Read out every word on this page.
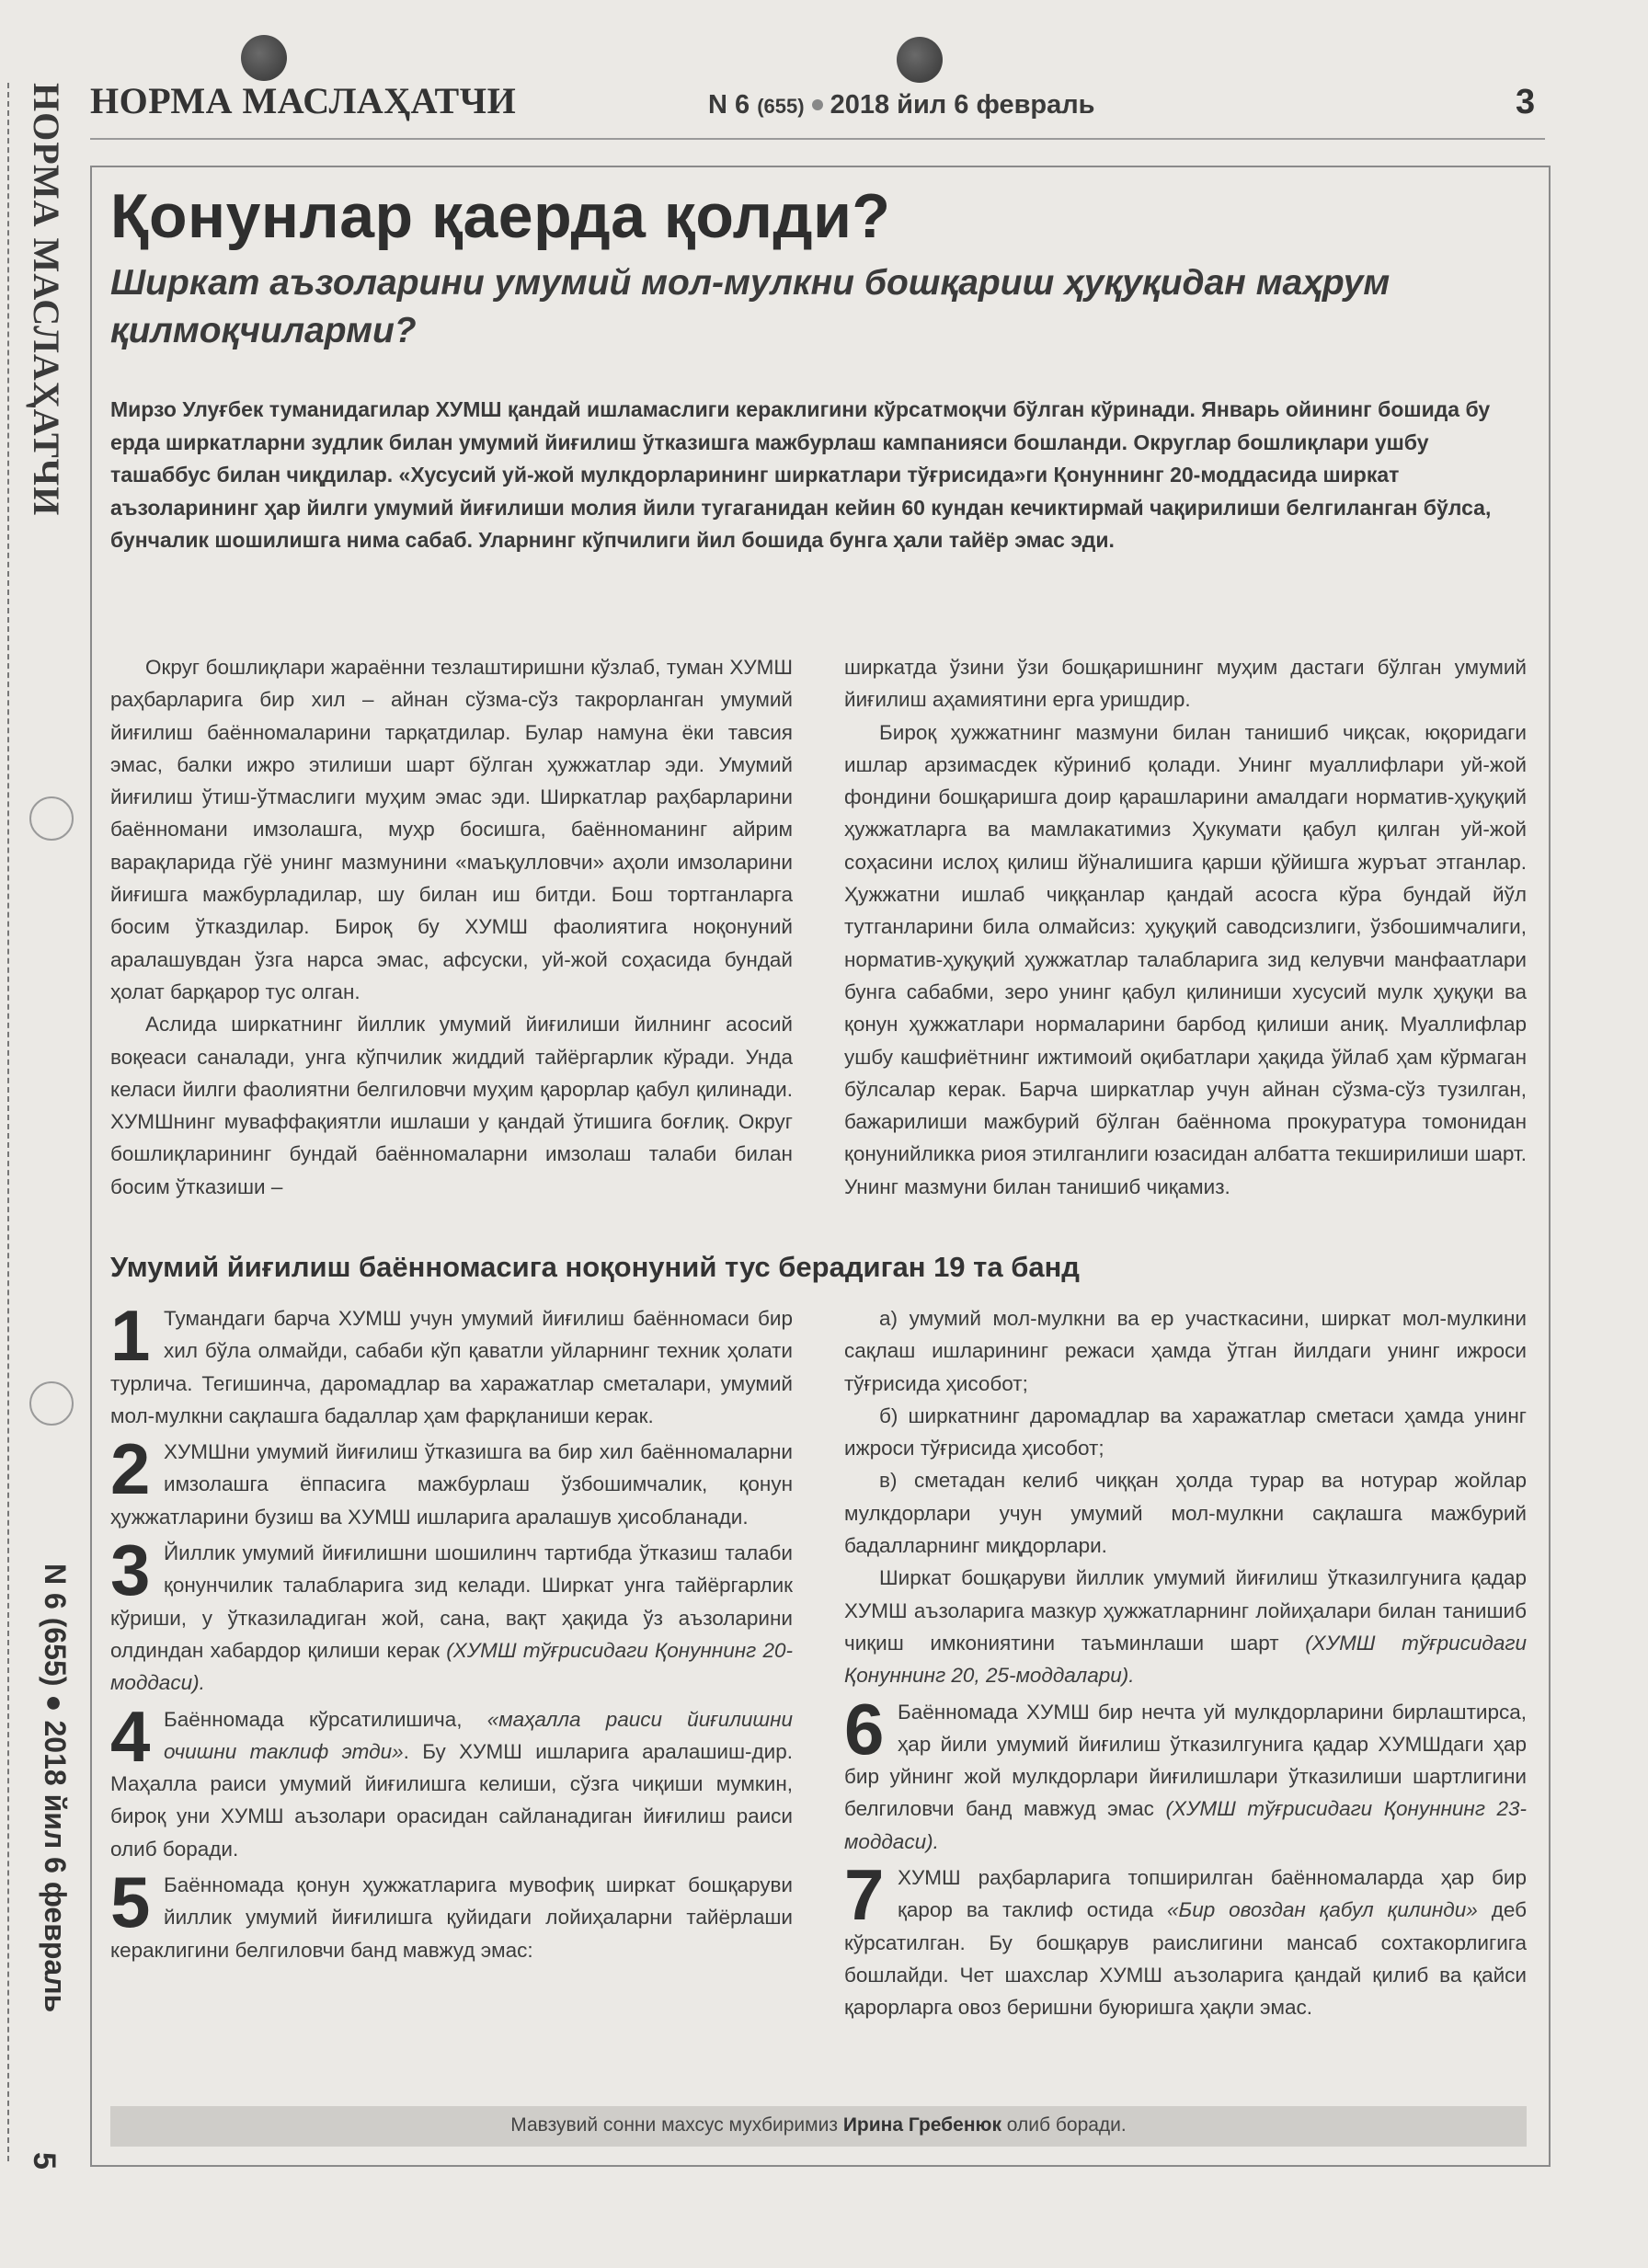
НОРМА МАСЛАҲАТЧИ
N 6 (655) ● 2018 йил 6 февраль
5
НОРМА МАСЛАҲАТЧИ	N 6 (655) 2018 йил 6 февраль	3
Қонунлар қаерда қолди?
Ширкат аъзоларини умумий мол-мулкни бошқариш ҳуқуқидан маҳрум қилмоқчиларми?
Мирзо Улуғбек туманидагилар ХУМШ қандай ишламаслиги кераклигини кўрсатмоқчи бўлган кўринади. Январь ойининг бошида бу ерда ширкатларни зудлик билан умумий йиғилиш ўтказишга мажбурлаш кампанияси бошланди. Округлар бошлиқлари ушбу ташаббус билан чиқдилар. «Хусусий уй-жой мулкдорларининг ширкатлари тўғрисида»ги Қонуннинг 20-моддасида ширкат аъзоларининг ҳар йилги умумий йиғилиши молия йили тугаганидан кейин 60 кундан кечиктирмай чақирилиши белгиланган бўлса, бунчалик шошилишга нима сабаб. Уларнинг кўпчилиги йил бошида бунга ҳали тайёр эмас эди.

Округ бошлиқлари жараённи тезлаштиришни кўзлаб, туман ХУМШ раҳбарларига бир хил – айнан сўзма-сўз такрорланган умумий йиғилиш баённомаларини тарқатдилар. Булар намуна ёки тавсия эмас, балки ижро этилиши шарт бўлган ҳужжатлар эди. Умумий йиғилиш ўтиш-ўтмаслиги муҳим эмас эди. Ширкатлар раҳбарларини баённомани имзолашга, муҳр босишга, баённоманинг айрим варақларида гўё унинг мазмунини «маъқулловчи» аҳоли имзоларини йиғишга мажбурладилар, шу билан иш битди. Бош тортганларга босим ўтказдилар. Бироқ бу ХУМШ фаолиятига ноқонуний аралашувдан ўзга нарса эмас, афсуски, уй-жой соҳасида бундай ҳолат барқарор тус олган.

Аслида ширкатнинг йиллик умумий йиғилиши йилнинг асосий воқеаси саналади, унга кўпчилик жиддий тайёргарлик кўради. Унда келаси йилги фаолиятни белгиловчи муҳим қарорлар қабул қилинади. ХУМШнинг муваффақиятли ишлаши у қандай ўтишига боғлиқ. Округ бошлиқларининг бундай баённомаларни имзолаш талаби билан босим ўтказиши –

ширкатда ўзини ўзи бошқаришнинг муҳим дастаги бўлган умумий йиғилиш аҳамиятини ерга уришдир.

Бироқ ҳужжатнинг мазмуни билан танишиб чиқсак, юқоридаги ишлар арзимасдек кўриниб қолади. Унинг муаллифлари уй-жой фондини бошқаришга доир қарашларини амалдаги норматив-ҳуқуқий ҳужжатларга ва мамлакатимиз Ҳукумати қабул қилган уй-жой соҳасини ислоҳ қилиш йўналишига қарши қўйишга журъат этганлар. Ҳужжатни ишлаб чиққанлар қандай асосга кўра бундай йўл тутганларини била олмайсиз: ҳуқуқий саводсизлиги, ўзбошимчалиги, норматив-ҳуқуқий ҳужжатлар талабларига зид келувчи манфаатлари бунга сабабми, зеро унинг қабул қилиниши хусусий мулк ҳуқуқи ва қонун ҳужжатлари нормаларини барбод қилиши аниқ. Муаллифлар ушбу кашфиётнинг ижтимоий оқибатлари ҳақида ўйлаб ҳам кўрмаган бўлсалар керак. Барча ширкатлар учун айнан сўзма-сўз тузилган, бажарилиши мажбурий бўлган баённома прокуратура томонидан қонунийликка риоя этилганлиги юзасидан албатта текширилиши шарт. Унинг мазмуни билан танишиб чиқамиз.

Умумий йиғилиш баённомасига ноқонуний тус берадиган 19 та банд
1 Тумандаги барча ХУМШ учун умумий йиғилиш баённомаси бир хил бўла олмайди, сабаби кўп қаватли уйларнинг техник ҳолати турлича. Тегишинча, даромадлар ва харажатлар сметалари, умумий мол-мулкни сақлашга бадаллар ҳам фарқланиши керак.
2 ХУМШни умумий йиғилиш ўтказишга ва бир хил баённомаларни имзолашга ёппасига мажбурлаш ўзбошимчалик, қонун ҳужжатларини бузиш ва ХУМШ ишларига аралашув ҳисобланади.
3 Йиллик умумий йиғилишни шошилинч тартибда ўтказиш талаби қонунчилик талабларига зид келади. Ширкат унга тайёргарлик кўриши, у ўтказиладиган жой, сана, вақт ҳақида ўз аъзоларини олдиндан хабардор қилиши керак (ХУМШ тўғрисидаги Қонуннинг 20-моддаси).
4 Баённомада кўрсатилишича, «маҳалла раиси йиғилишни очишни таклиф этди». Бу ХУМШ ишларига аралашиш-дир. Маҳалла раиси умумий йиғилишга келиши, сўзга чиқиши мумкин, бироқ уни ХУМШ аъзолари орасидан сайланадиган йиғилиш раиси олиб боради.
5 Баённомада қонун ҳужжатларига мувофиқ ширкат бошқаруви йиллик умумий йиғилишга қуйидаги лойиҳаларни тайёрлаши кераклигини белгиловчи банд мавжуд эмас:

а) умумий мол-мулкни ва ер участкасини, ширкат мол-мулкини сақлаш ишларининг режаси ҳамда ўтган йилдаги унинг ижроси тўғрисида ҳисобот;

б) ширкатнинг даромадлар ва харажатлар сметаси ҳамда унинг ижроси тўғрисида ҳисобот;

в) сметадан келиб чиққан ҳолда турар ва нотурар жойлар мулкдорлари учун умумий мол-мулкни сақлашга мажбурий бадалларнинг миқдорлари.

Ширкат бошқаруви йиллик умумий йиғилиш ўтказилгунига қадар ХУМШ аъзоларига мазкур ҳужжатларнинг лойиҳалари билан танишиб чиқиш имкониятини таъминлаши шарт (ХУМШ тўғрисидаги Қонуннинг 20, 25-моддалари).

6 Баённомада ХУМШ бир нечта уй мулкдорларини бирлаштирса, ҳар йили умумий йиғилиш ўтказилгунига қадар ХУМШдаги ҳар бир уйнинг жой мулкдорлари йиғилишлари ўтказилиши шартлигини белгиловчи банд мавжуд эмас (ХУМШ тўғрисидаги Қонуннинг 23-моддаси).
7 ХУМШ раҳбарларига топширилган баённомаларда ҳар бир қарор ва таклиф остида «Бир овоздан қабул қилинди» деб кўрсатилган. Бу бошқарув раислигини мансаб сохтакорлигига бошлайди. Чет шахслар ХУМШ аъзоларига қандай қилиб ва қайси қарорларга овоз беришни буюришга ҳақли эмас.
Мавзувий сонни махсус мухбиримиз Ирина Гребенюк олиб боради.
